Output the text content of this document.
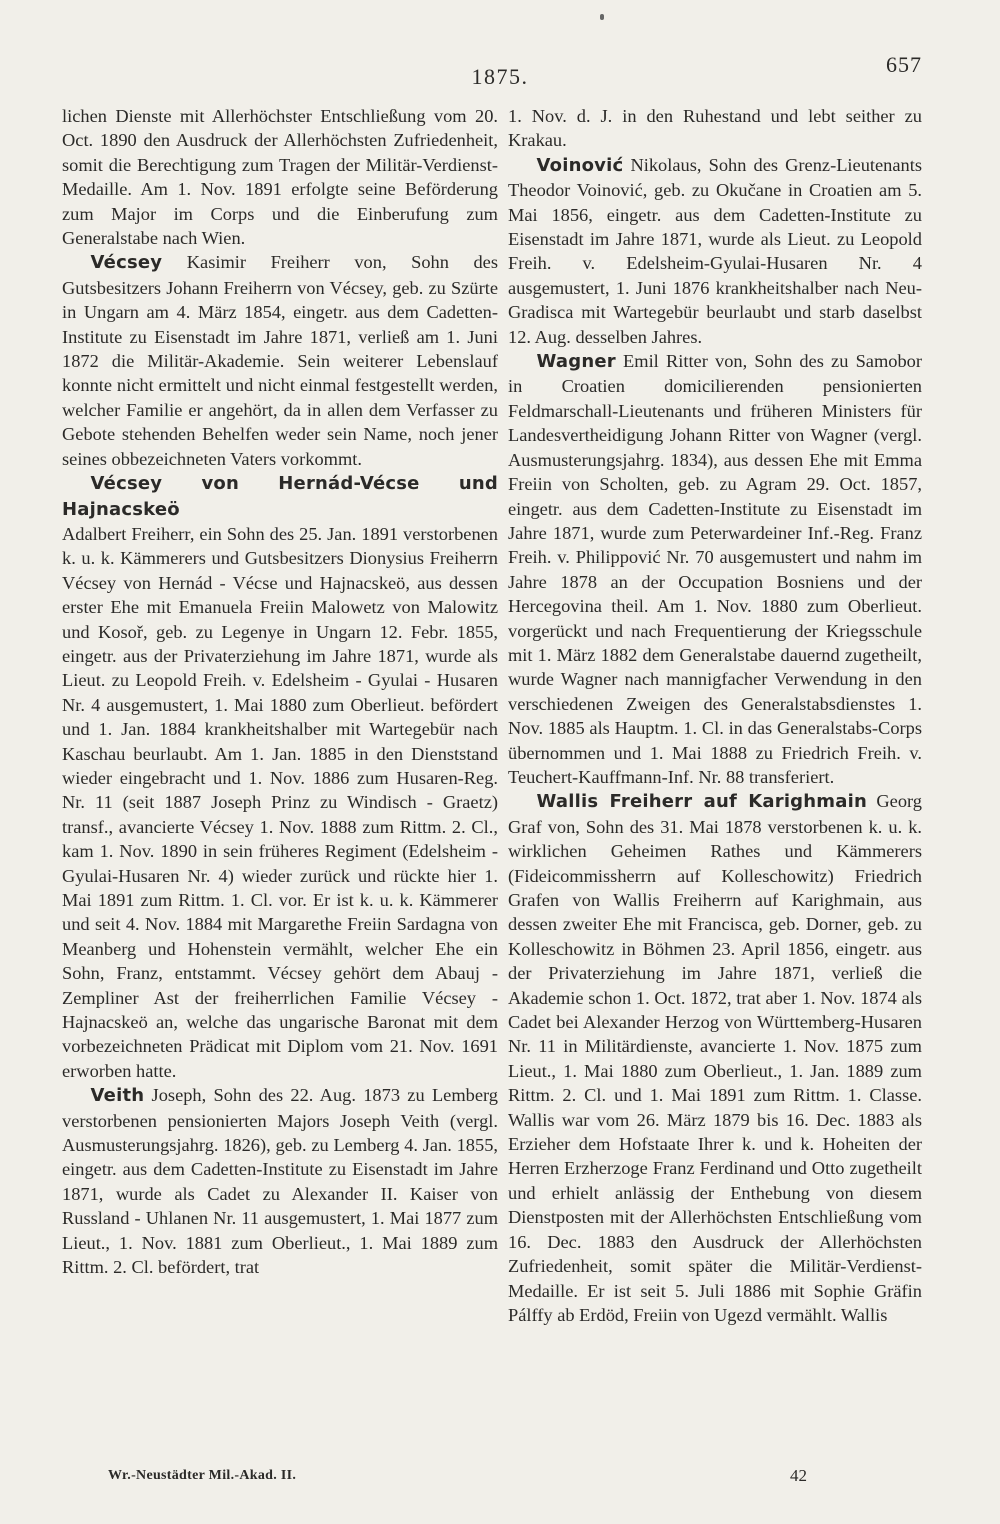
1875.	657

lichen Dienste mit Allerhöchster Entschließung vom 20. Oct. 1890 den Ausdruck der Allerhöchsten Zufriedenheit, somit die Berechtigung zum Tragen der Militär-Verdienst-Medaille. Am 1. Nov. 1891 erfolgte seine Beförderung zum Major im Corps und die Einberufung zum Generalstabe nach Wien.

Vécsey Kasimir Freiherr von, Sohn des Gutsbesitzers Johann Freiherrn von Vécsey, geb. zu Szürte in Ungarn am 4. März 1854, eingetr. aus dem Cadetten-Institute zu Eisenstadt im Jahre 1871, verließ am 1. Juni 1872 die Militär-Akademie. Sein weiterer Lebenslauf konnte nicht ermittelt und nicht einmal festgestellt werden, welcher Familie er angehört, da in allen dem Verfasser zu Gebote stehenden Behelfen weder sein Name, noch jener seines obbezeichneten Vaters vorkommt.

Vécsey von Hernád-Vécse und Hajnacskeö

Adalbert Freiherr, ein Sohn des 25. Jan. 1891 verstorbenen k. u. k. Kämmerers und Gutsbesitzers Dionysius Freiherrn Vécsey von Hernád - Vécse und Hajnacskeö, aus dessen erster Ehe mit Emanuela Freiin Malowetz von Malowitz und Kosoř, geb. zu Legenye in Ungarn 12. Febr. 1855, eingetr. aus der Privaterziehung im Jahre 1871, wurde als Lieut. zu Leopold Freih. v. Edelsheim - Gyulai - Husaren Nr. 4 ausgemustert, 1. Mai 1880 zum Oberlieut. befördert und 1. Jan. 1884 krankheitshalber mit Wartegebür nach Kaschau beurlaubt. Am 1. Jan. 1885 in den Dienststand wieder eingebracht und 1. Nov. 1886 zum Husaren-Reg. Nr. 11 (seit 1887 Joseph Prinz zu Windisch - Graetz) transf., avancierte Vécsey 1. Nov. 1888 zum Rittm. 2. Cl., kam 1. Nov. 1890 in sein früheres Regiment (Edelsheim - Gyulai-Husaren Nr. 4) wieder zurück und rückte hier 1. Mai 1891 zum Rittm. 1. Cl. vor. Er ist k. u. k. Kämmerer und seit 4. Nov. 1884 mit Margarethe Freiin Sardagna von Meanberg und Hohenstein vermählt, welcher Ehe ein Sohn, Franz, entstammt. Vécsey gehört dem Abauj - Zempliner Ast der freiherrlichen Familie Vécsey - Hajnacskeö an, welche das ungarische Baronat mit dem vorbezeichneten Prädicat mit Diplom vom 21. Nov. 1691 erworben hatte.

Veith Joseph, Sohn des 22. Aug. 1873 zu Lemberg verstorbenen pensionierten Majors Joseph Veith (vergl. Ausmusterungsjahrg. 1826), geb. zu Lemberg 4. Jan. 1855, eingetr. aus dem Cadetten-Institute zu Eisenstadt im Jahre 1871, wurde als Cadet zu Alexander II. Kaiser von Russland - Uhlanen Nr. 11 ausgemustert, 1. Mai 1877 zum Lieut., 1. Nov. 1881 zum Oberlieut., 1. Mai 1889 zum Rittm. 2. Cl. befördert, trat

1. Nov. d. J. in den Ruhestand und lebt seither zu Krakau.

Voinović Nikolaus, Sohn des Grenz-Lieutenants Theodor Voinović, geb. zu Okučane in Croatien am 5. Mai 1856, eingetr. aus dem Cadetten-Institute zu Eisenstadt im Jahre 1871, wurde als Lieut. zu Leopold Freih. v. Edelsheim-Gyulai-Husaren Nr. 4 ausgemustert, 1. Juni 1876 krankheitshalber nach Neu-Gradisca mit Wartegebür beurlaubt und starb daselbst 12. Aug. desselben Jahres.

Wagner Emil Ritter von, Sohn des zu Samobor in Croatien domicilierenden pensionierten Feldmarschall-Lieutenants und früheren Ministers für Landesvertheidigung Johann Ritter von Wagner (vergl. Ausmusterungsjahrg. 1834), aus dessen Ehe mit Emma Freiin von Scholten, geb. zu Agram 29. Oct. 1857, eingetr. aus dem Cadetten-Institute zu Eisenstadt im Jahre 1871, wurde zum Peterwardeiner Inf.-Reg. Franz Freih. v. Philippović Nr. 70 ausgemustert und nahm im Jahre 1878 an der Occupation Bosniens und der Hercegovina theil. Am 1. Nov. 1880 zum Oberlieut. vorgerückt und nach Frequentierung der Kriegsschule mit 1. März 1882 dem Generalstabe dauernd zugetheilt, wurde Wagner nach mannigfacher Verwendung in den verschiedenen Zweigen des Generalstabsdienstes 1. Nov. 1885 als Hauptm. 1. Cl. in das Generalstabs-Corps übernommen und 1. Mai 1888 zu Friedrich Freih. v. Teuchert-Kauffmann-Inf. Nr. 88 transferiert.

Wallis Freiherr auf Karighmain Georg Graf von, Sohn des 31. Mai 1878 verstorbenen k. u. k. wirklichen Geheimen Rathes und Kämmerers (Fideicommissherrn auf Kolleschowitz) Friedrich Grafen von Wallis Freiherrn auf Karighmain, aus dessen zweiter Ehe mit Francisca, geb. Dorner, geb. zu Kolleschowitz in Böhmen 23. April 1856, eingetr. aus der Privaterziehung im Jahre 1871, verließ die Akademie schon 1. Oct. 1872, trat aber 1. Nov. 1874 als Cadet bei Alexander Herzog von Württemberg-Husaren Nr. 11 in Militärdienste, avancierte 1. Nov. 1875 zum Lieut., 1. Mai 1880 zum Oberlieut., 1. Jan. 1889 zum Rittm. 2. Cl. und 1. Mai 1891 zum Rittm. 1. Classe. Wallis war vom 26. März 1879 bis 16. Dec. 1883 als Erzieher dem Hofstaate Ihrer k. und k. Hoheiten der Herren Erzherzoge Franz Ferdinand und Otto zugetheilt und erhielt anlässig der Enthebung von diesem Dienstposten mit der Allerhöchsten Entschließung vom 16. Dec. 1883 den Ausdruck der Allerhöchsten Zufriedenheit, somit später die Militär-Verdienst-Medaille. Er ist seit 5. Juli 1886 mit Sophie Gräfin Pálffy ab Erdöd, Freiin von Ugezd vermählt. Wallis

Wr.-Neustädter Mil.-Akad. II.	42
